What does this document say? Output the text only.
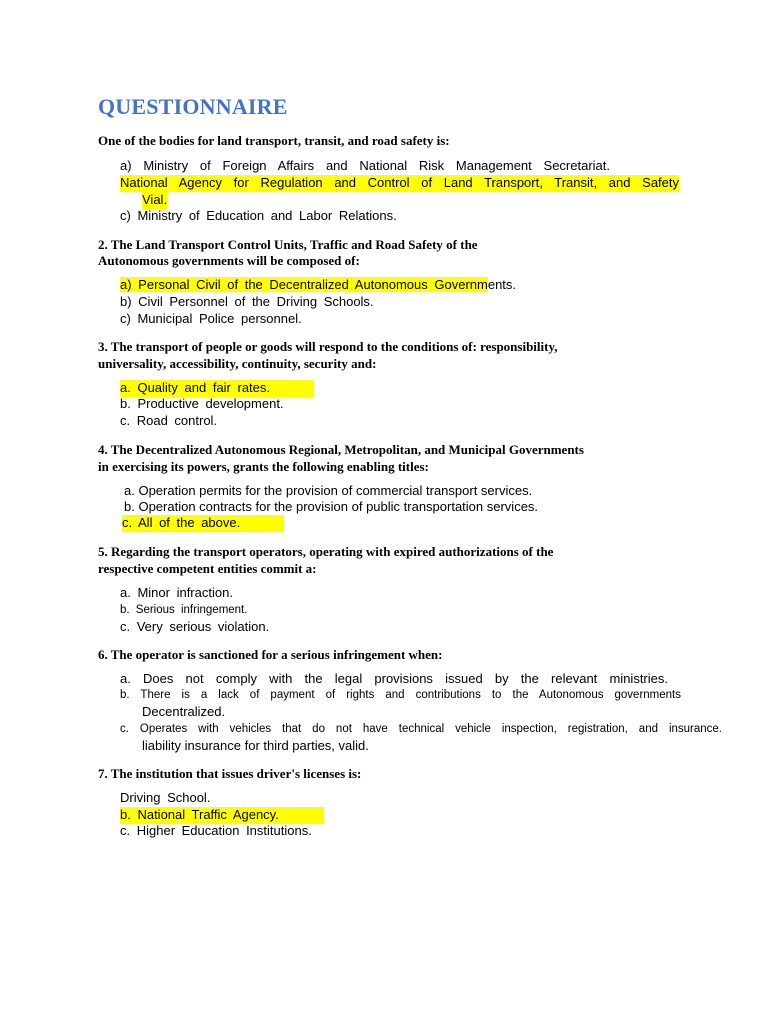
QUESTIONNAIRE
One of the bodies for land transport, transit, and road safety is:
a) Ministry of Foreign Affairs and National Risk Management Secretariat.
National Agency for Regulation and Control of Land Transport, Transit, and Safety
Vial.
c) Ministry of Education and Labor Relations.
2. The Land Transport Control Units, Traffic and Road Safety of the
Autonomous governments will be composed of:
a) Personal Civil of the Decentralized Autonomous Governments.
b) Civil Personnel of the Driving Schools.
c) Municipal Police personnel.
3. The transport of people or goods will respond to the conditions of: responsibility,
universality, accessibility, continuity, security and:
a. Quality and fair rates.
b. Productive development.
c. Road control.
4. The Decentralized Autonomous Regional, Metropolitan, and Municipal Governments
in exercising its powers, grants the following enabling titles:
a. Operation permits for the provision of commercial transport services.
b. Operation contracts for the provision of public transportation services.
c. All of the above.
5. Regarding the transport operators, operating with expired authorizations of the
respective competent entities commit a:
a. Minor infraction.
b. Serious infringement.
c. Very serious violation.
6. The operator is sanctioned for a serious infringement when:
a. Does not comply with the legal provisions issued by the relevant ministries.
b. There is a lack of payment of rights and contributions to the Autonomous governments
Decentralized.
c. Operates with vehicles that do not have technical vehicle inspection, registration, and insurance.
liability insurance for third parties, valid.
7. The institution that issues driver's licenses is:
Driving School.
b. National Traffic Agency.
c. Higher Education Institutions.
